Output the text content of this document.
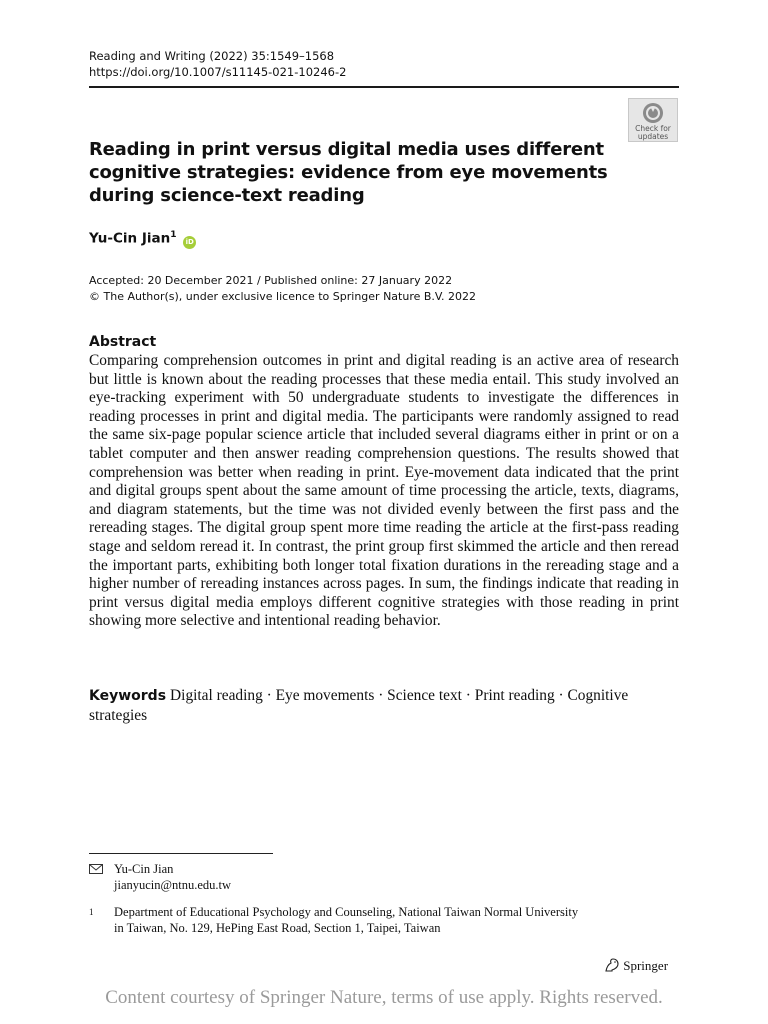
Reading and Writing (2022) 35:1549–1568
https://doi.org/10.1007/s11145-021-10246-2
Check for
updates
Reading in print versus digital media uses different cognitive strategies: evidence from eye movements during science-text reading
Yu-Cin Jian$^1$ iD
Accepted: 20 December 2021 / Published online: 27 January 2022
© The Author(s), under exclusive licence to Springer Nature B.V. 2022
Abstract

Comparing comprehension outcomes in print and digital reading is an active area of research but little is known about the reading processes that these media entail. This study involved an eye-tracking experiment with 50 undergraduate students to investigate the differences in reading processes in print and digital media. The participants were randomly assigned to read the same six-page popular science article that included several diagrams either in print or on a tablet computer and then answer reading comprehension questions. The results showed that comprehension was better when reading in print. Eye-movement data indicated that the print and digital groups spent about the same amount of time processing the article, texts, diagrams, and diagram statements, but the time was not divided evenly between the first pass and the rereading stages. The digital group spent more time reading the article at the first-pass reading stage and seldom reread it. In contrast, the print group first skimmed the article and then reread the important parts, exhibiting both longer total fixation durations in the rereading stage and a higher number of rereading instances across pages. In sum, the findings indicate that reading in print versus digital media employs different cognitive strategies with those reading in print showing more selective and intentional reading behavior.

Keywords Digital reading · Eye movements · Science text · Print reading · Cognitive strategies
Yu-Cin Jian
jianyucin@ntnu.edu.tw
1 Department of Educational Psychology and Counseling, National Taiwan Normal University
in Taiwan, No. 129, HePing East Road, Section 1, Taipei, Taiwan
Springer
Content courtesy of Springer Nature, terms of use apply. Rights reserved.
